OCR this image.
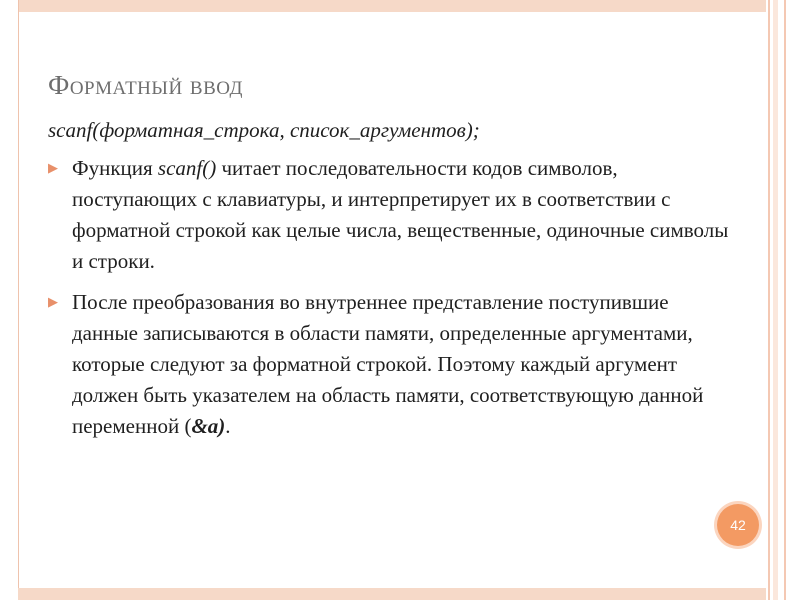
Форматный ввод
scanf(форматная_строка, список_аргументов);
▶ Функция scanf() читает последовательности кодов символов, поступающих с клавиатуры, и интерпретирует их в соответствии с форматной строкой как целые числа, вещественные, одиночные символы и строки.
▶ После преобразования во внутреннее представление поступившие данные записываются в области памяти, определенные аргументами, которые следуют за форматной строкой. Поэтому каждый аргумент должен быть указателем на область памяти, соответствующую данной переменной (&a).
42
